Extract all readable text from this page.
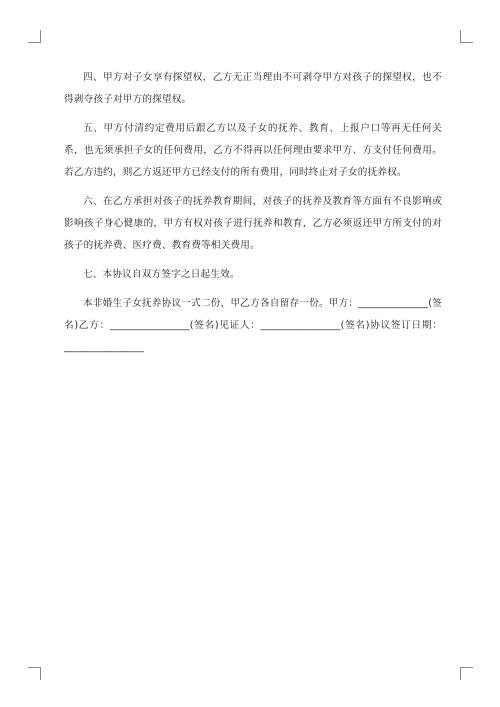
四、甲方对子女享有探望权，乙方无正当理由不可剥夺甲方对孩子的探望权，也不得剥夺孩子对甲方的探望权。

五、甲方付清约定费用后跟乙方以及子女的抚养、教育、上报户口等再无任何关系，也无须承担子女的任何费用，乙方不得再以任何理由要求甲方、方支付任何费用。若乙方违约，则乙方返还甲方已经支付的所有费用，同时终止对子女的抚养权。

六、在乙方承担对孩子的抚养教育期间，对孩子的抚养及教育等方面有不良影响或影响孩子身心健康的，甲方有权对孩子进行抚养和教育，乙方必须返还甲方所支付的对孩子的抚养费、医疗费、教育费等相关费用。

七、本协议自双方签字之日起生效。

本非婚生子女抚养协议一式二份，甲乙方各自留存一份。甲方：______________(签名)乙方：________________(签名)见证人：________________(签名)协议签订日期：________________
